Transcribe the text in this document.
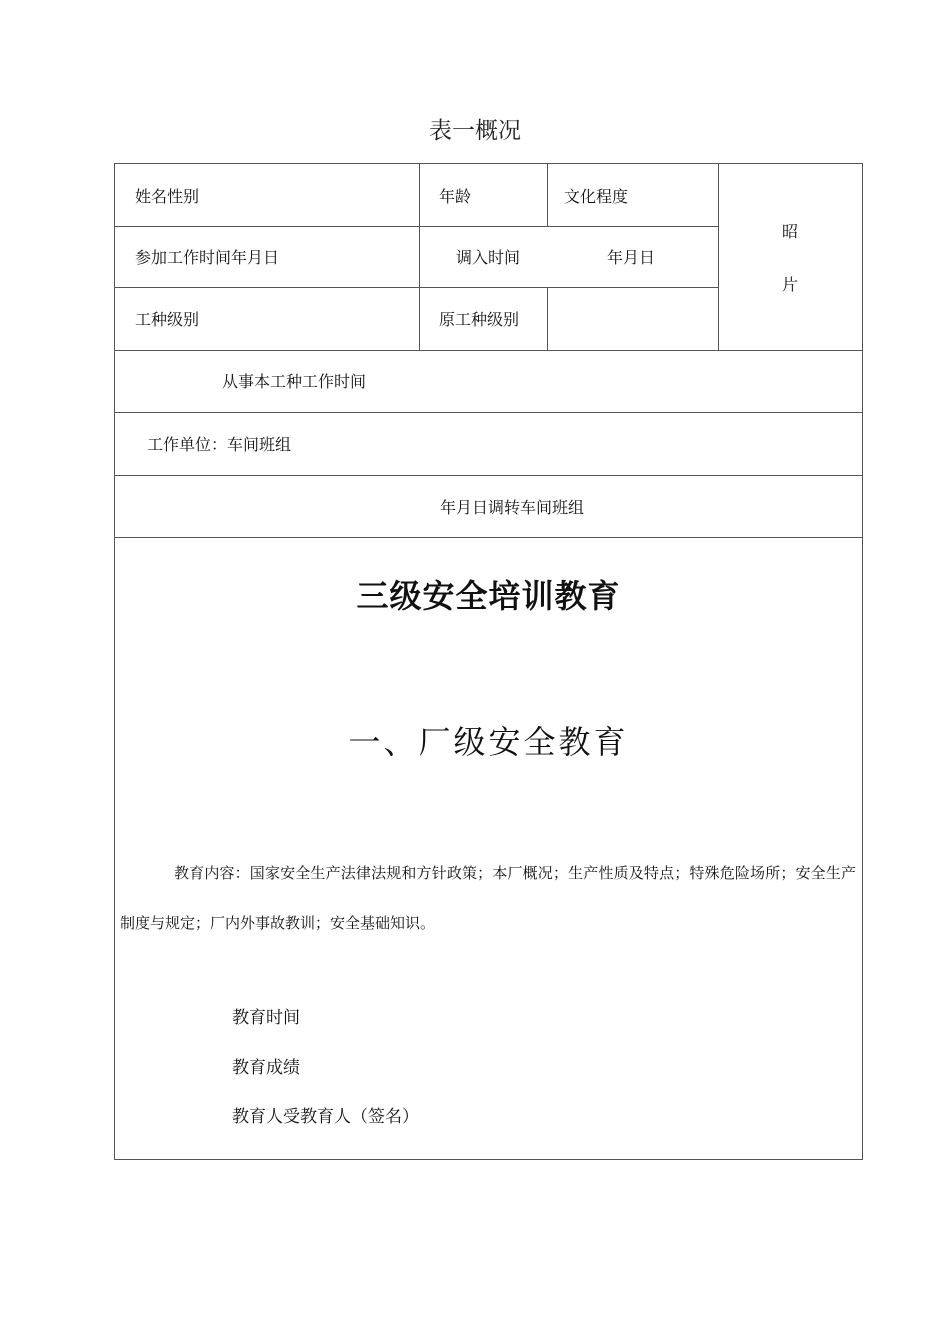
表一概况
姓名性别	年龄	文化程度
昭
片
参加工作时间年月日	调入时间	年月日
工种级别	原工种级别
从事本工种工作时间
工作单位：车间班组
年月日调转车间班组
三级安全培训教育
一、厂级安全教育
教育内容：国家安全生产法律法规和方针政策；本厂概况；生产性质及特点；特殊危险场所；安全生产制度与规定；厂内外事故教训；安全基础知识。
教育时间
教育成绩
教育人受教育人（签名）
